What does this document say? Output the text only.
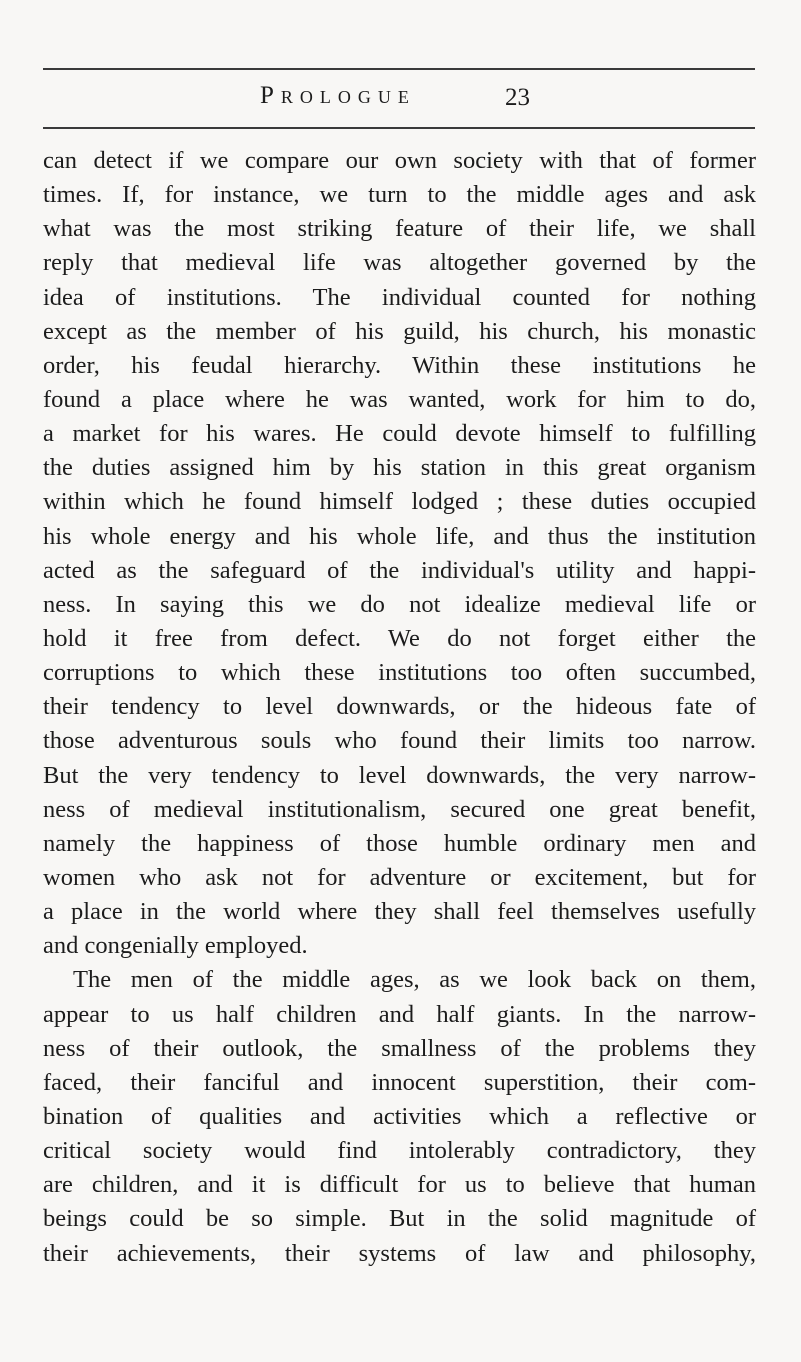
Prologue	23
can detect if we compare our own society with that of former
times. If, for instance, we turn to the middle ages and ask
what was the most striking feature of their life, we shall
reply that medieval life was altogether governed by the
idea of institutions. The individual counted for nothing
except as the member of his guild, his church, his monastic
order, his feudal hierarchy. Within these institutions he
found a place where he was wanted, work for him to do,
a market for his wares. He could devote himself to fulfilling
the duties assigned him by his station in this great organism
within which he found himself lodged ; these duties occupied
his whole energy and his whole life, and thus the institution
acted as the safeguard of the individual's utility and happi-
ness. In saying this we do not idealize medieval life or
hold it free from defect. We do not forget either the
corruptions to which these institutions too often succumbed,
their tendency to level downwards, or the hideous fate of
those adventurous souls who found their limits too narrow.
But the very tendency to level downwards, the very narrow-
ness of medieval institutionalism, secured one great benefit,
namely the happiness of those humble ordinary men and
women who ask not for adventure or excitement, but for
a place in the world where they shall feel themselves usefully
and congenially employed.
The men of the middle ages, as we look back on them,
appear to us half children and half giants. In the narrow-
ness of their outlook, the smallness of the problems they
faced, their fanciful and innocent superstition, their com-
bination of qualities and activities which a reflective or
critical society would find intolerably contradictory, they
are children, and it is difficult for us to believe that human
beings could be so simple. But in the solid magnitude of
their achievements, their systems of law and philosophy,
